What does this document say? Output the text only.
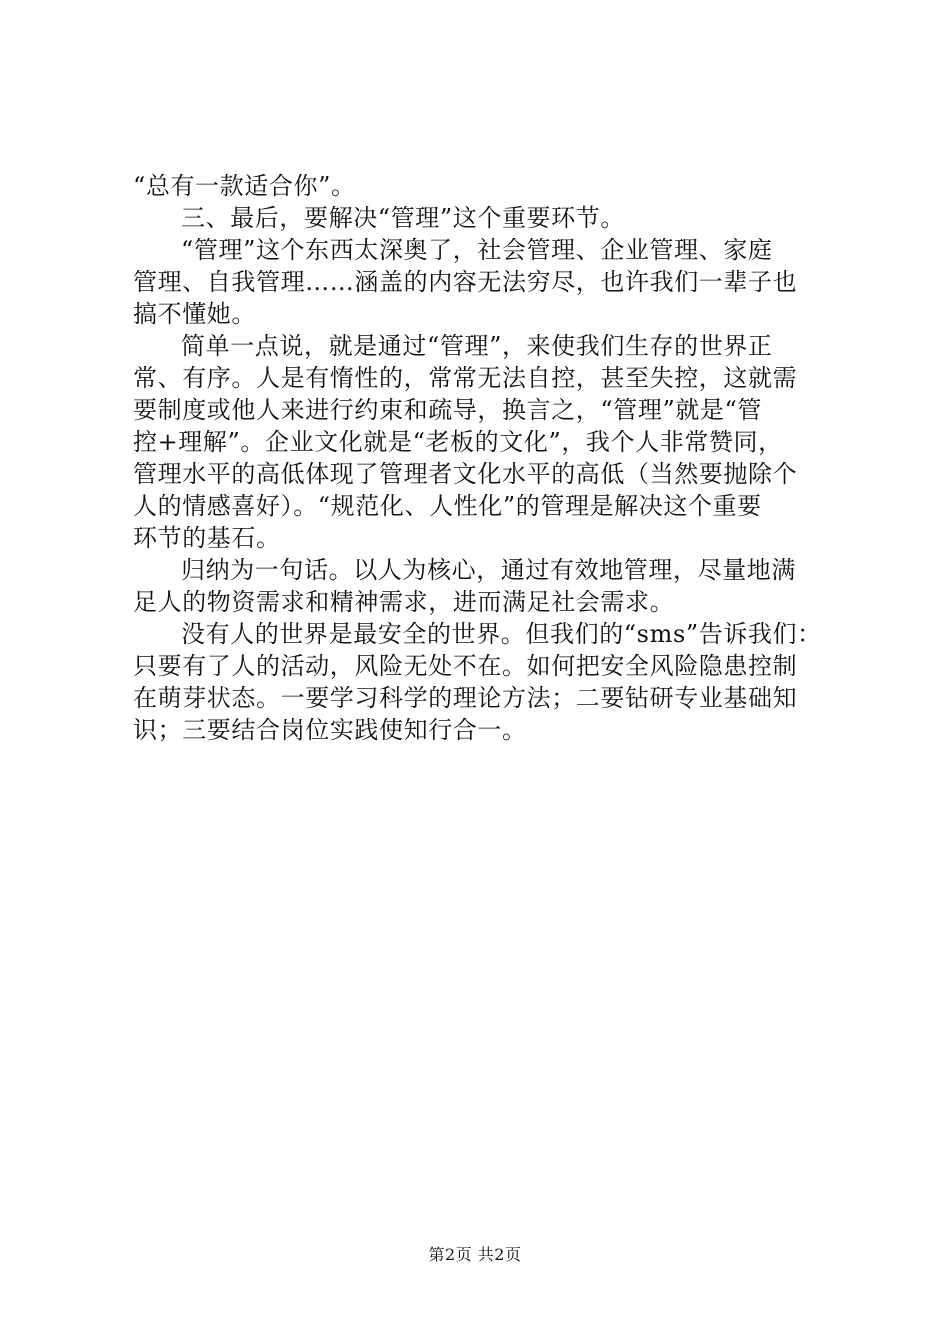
“总有一款适合你”。
三、最后，要解决“管理”这个重要环节。
“管理”这个东西太深奥了，社会管理、企业管理、家庭
管理、自我管理……涵盖的内容无法穷尽，也许我们一辈子也
搞不懂她。
简单一点说，就是通过“管理”，来使我们生存的世界正
常、有序。人是有惰性的，常常无法自控，甚至失控，这就需
要制度或他人来进行约束和疏导，换言之，“管理”就是“管
控+理解”。企业文化就是“老板的文化”，我个人非常赞同，
管理水平的高低体现了管理者文化水平的高低（当然要抛除个
人的情感喜好）。“规范化、人性化”的管理是解决这个重要
环节的基石。
归纳为一句话。以人为核心，通过有效地管理，尽量地满
足人的物资需求和精神需求，进而满足社会需求。
没有人的世界是最安全的世界。但我们的“sms”告诉我们：
只要有了人的活动，风险无处不在。如何把安全风险隐患控制
在萌芽状态。一要学习科学的理论方法；二要钻研专业基础知
识；三要结合岗位实践使知行合一。
第2页 共2页
